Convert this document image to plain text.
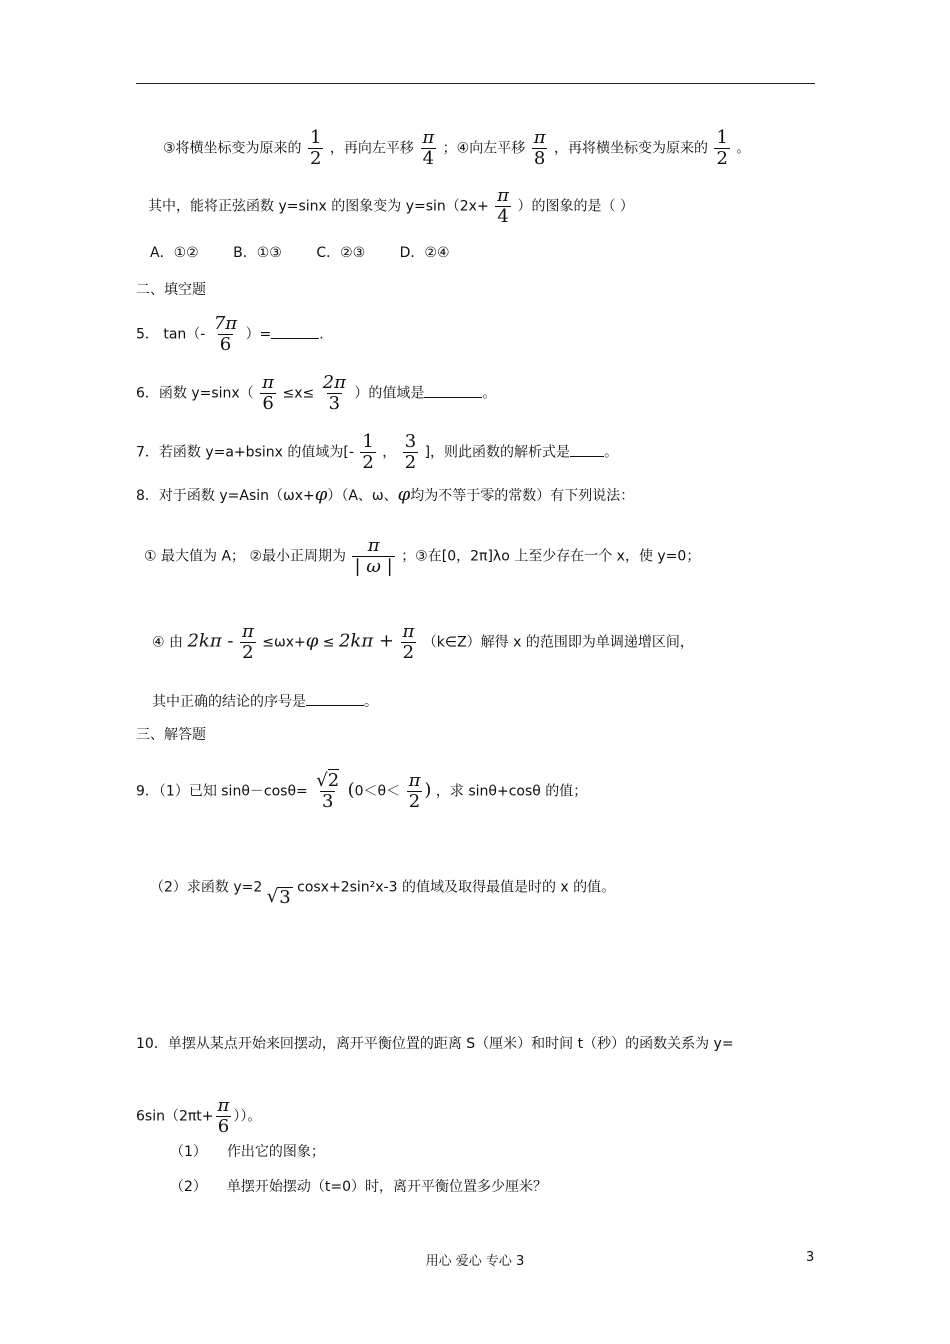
③将横坐标变为原来的 $\frac{1}{2}$ ，再向左平移 $\frac{\pi}{4}$ ；④向左平移 $\frac{\pi}{8}$ ，再将横坐标变为原来的 $\frac{1}{2}$ 。
其中，能将正弦函数 y=sinx 的图象变为 $y=\sin(2x+ \frac{\pi}{4}$ ）的图象的是（ ）
A．①② B．①③ C．②③ D．②④
二、填空题
5． $\tan(- \frac{7\pi}{6}$ ）=	.
6．函数 $y=\sin x( \frac{\pi}{6} \le x\le \frac{2\pi}{3}$ ）的值域是	。
7．若函数 y=a+bsinx 的值域为[- $\frac{1}{2}$ ， $\frac{3}{2}$ ]，则此函数的解析式是 。
8．对于函数 y=Asin（ωx+φ）（A、ω、φ均为不等于零的常数）有下列说法：
① 最大值为 A； ②最小正周期为 $\frac{\pi}{| \omega |}$ ；③在[0，2π]λο 上至少存在一个 x，使 y=0；
④ 由 $2k\pi - \frac{\pi}{2} \le\omega x+\varphi \le 2k\pi + \frac{\pi}{2}$ （k∈Z）解得 x 的范围即为单调递增区间，
其中正确的结论的序号是	。
三、解答题
9．（1）已知 $\sin\theta-\cos\theta= \frac{√2}{3} (0<\theta< \frac{\pi}{2}$ ) ，求 sinθ+cosθ 的值；
（2）求函数 y=2 √ 3 cosx+2sin²x-3 的值域及取得最值是时的 x 的值。
10．单摆从某点开始来回摆动，离开平衡位置的距离 S（厘米）和时间 t（秒）的函数关系为 y=
$6\sin(2\pi t+ \frac{\pi}{6}$ ））。
（1） 作出它的图象；
（2） 单摆开始摆动（t=0）时，离开平衡位置多少厘米？
用心 爱心 专心 3	3
